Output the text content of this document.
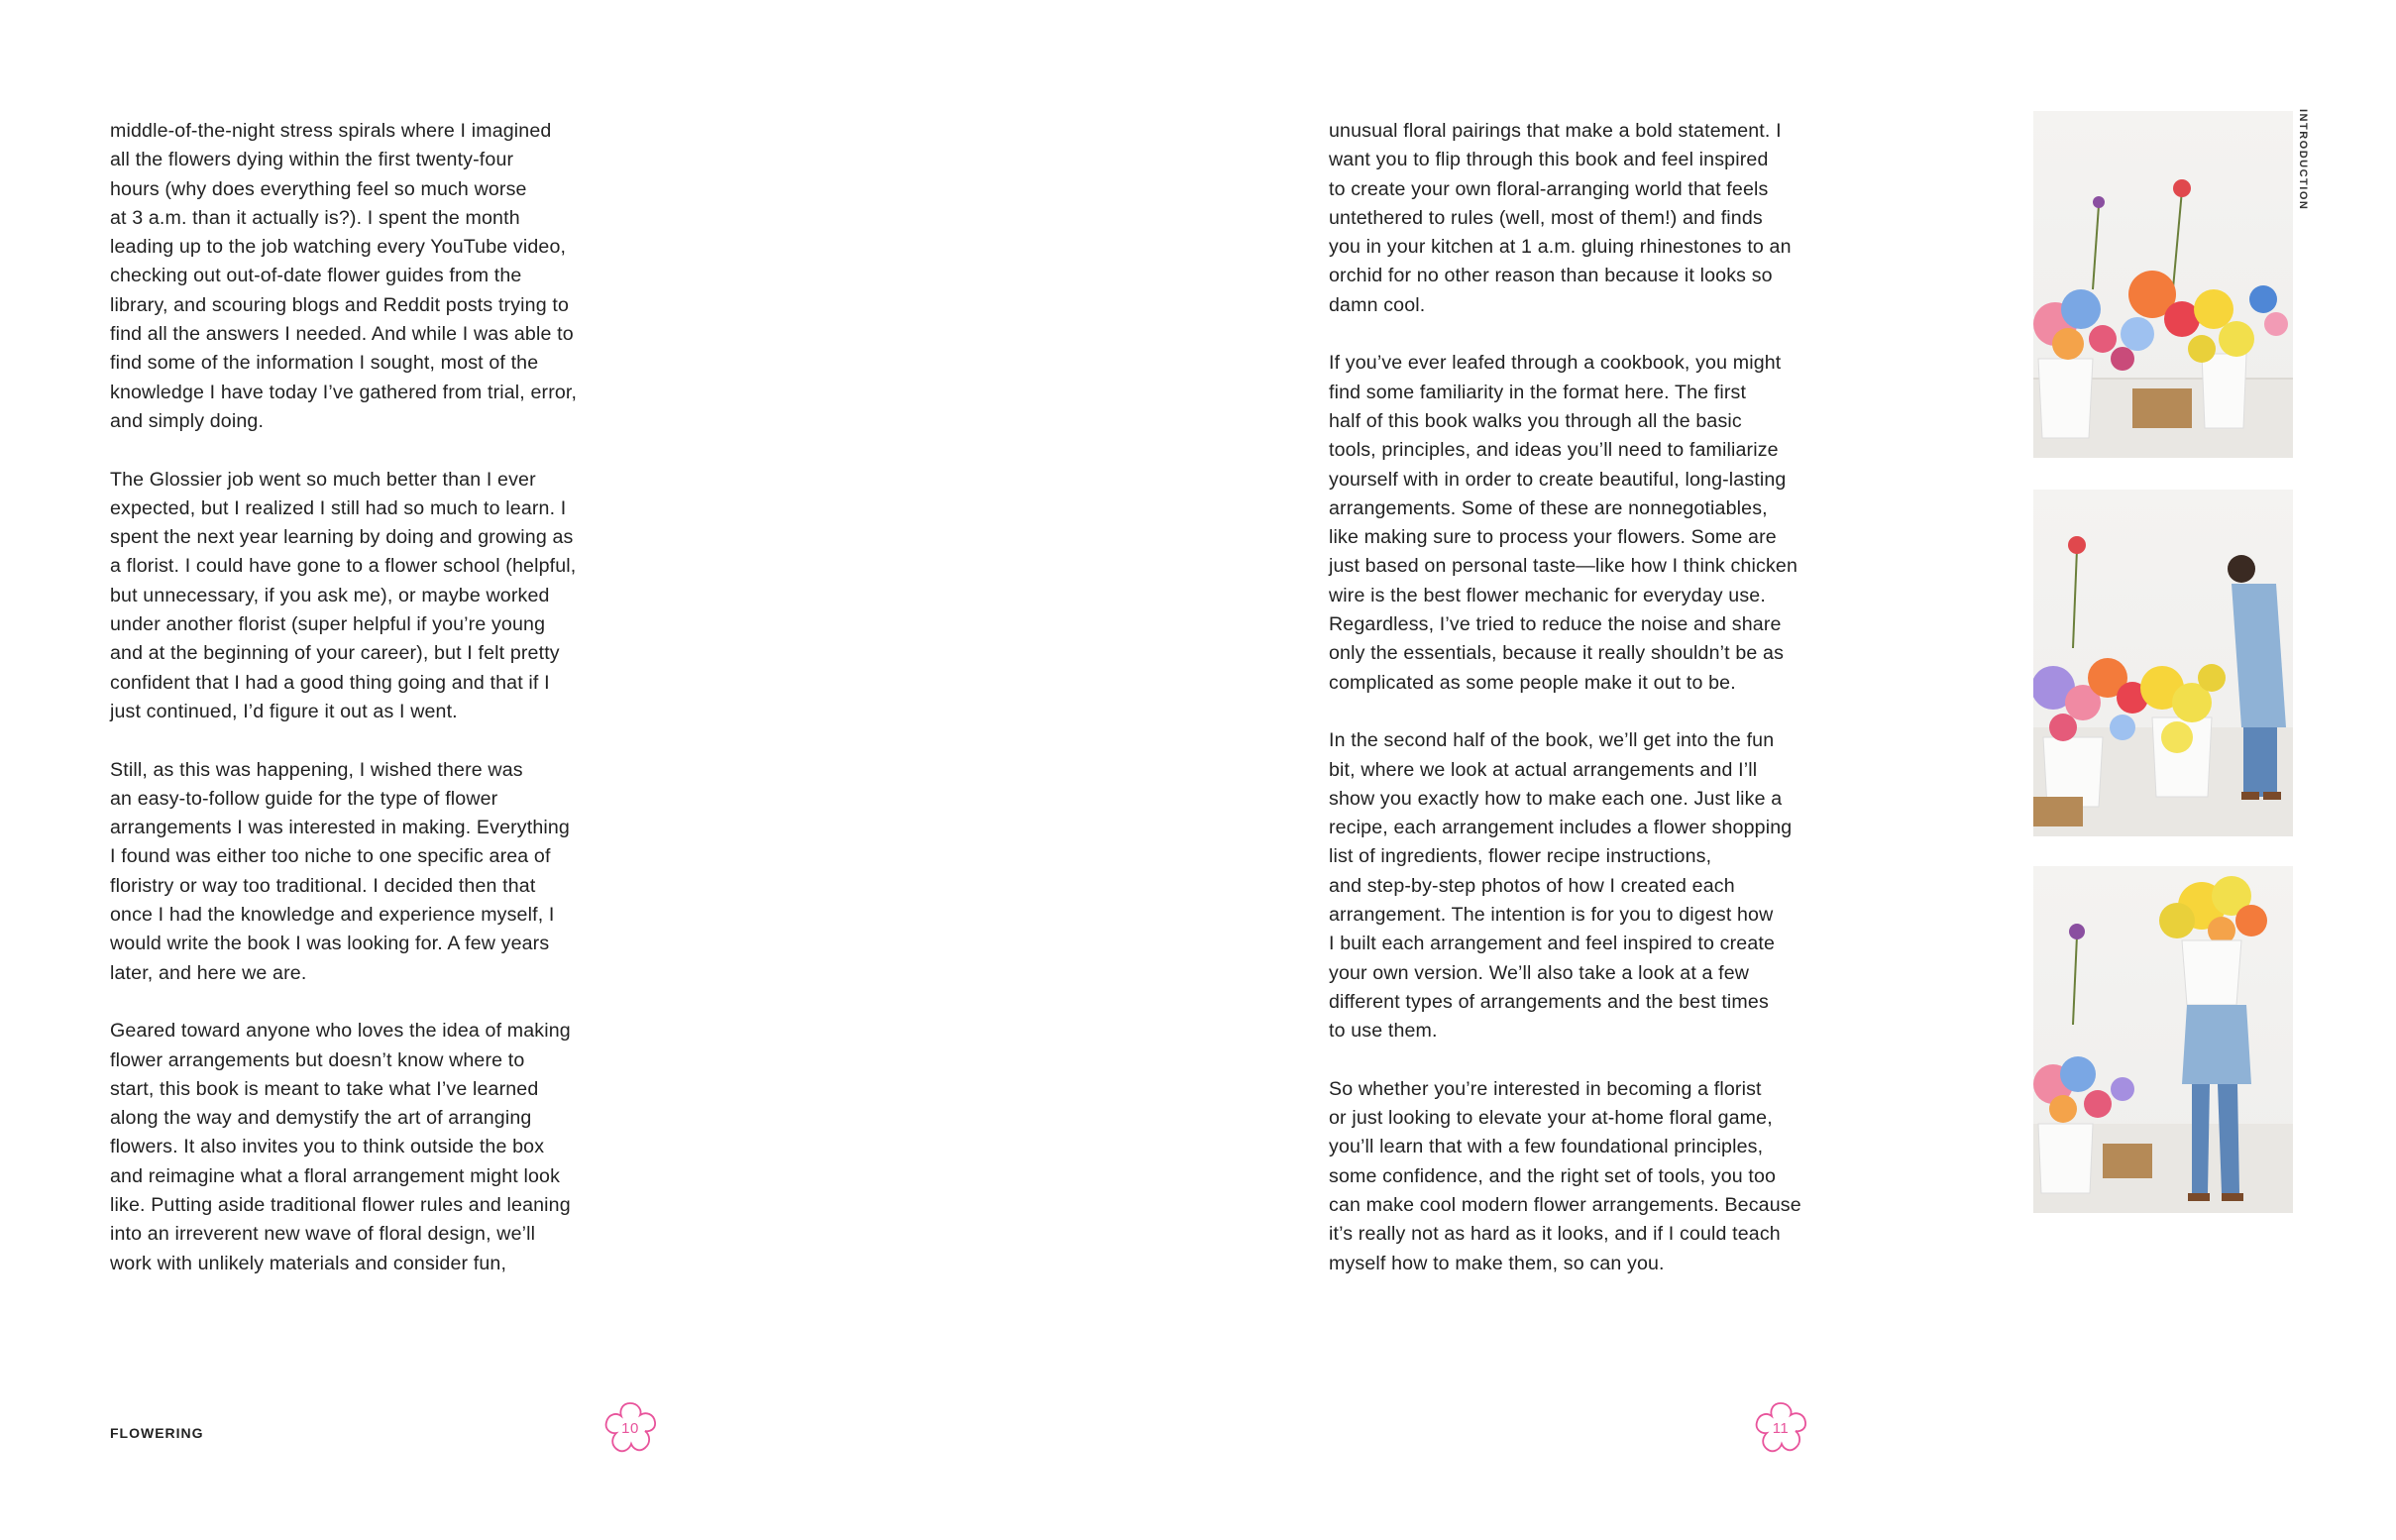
middle-of-the-night stress spirals where I imagined
all the flowers dying within the first twenty-four
hours (why does everything feel so much worse
at 3 a.m. than it actually is?). I spent the month
leading up to the job watching every YouTube video,
checking out out-of-date flower guides from the
library, and scouring blogs and Reddit posts trying to
find all the answers I needed. And while I was able to
find some of the information I sought, most of the
knowledge I have today I’ve gathered from trial, error,
and simply doing.

The Glossier job went so much better than I ever
expected, but I realized I still had so much to learn. I
spent the next year learning by doing and growing as
a florist. I could have gone to a flower school (helpful,
but unnecessary, if you ask me), or maybe worked
under another florist (super helpful if you’re young
and at the beginning of your career), but I felt pretty
confident that I had a good thing going and that if I
just continued, I’d figure it out as I went.

Still, as this was happening, I wished there was
an easy-to-follow guide for the type of flower
arrangements I was interested in making. Everything
I found was either too niche to one specific area of
floristry or way too traditional. I decided then that
once I had the knowledge and experience myself, I
would write the book I was looking for. A few years
later, and here we are.

Geared toward anyone who loves the idea of making
flower arrangements but doesn’t know where to
start, this book is meant to take what I’ve learned
along the way and demystify the art of arranging
flowers. It also invites you to think outside the box
and reimagine what a floral arrangement might look
like. Putting aside traditional flower rules and leaning
into an irreverent new wave of floral design, we’ll
work with unlikely materials and consider fun,

FLOWERING	10

unusual floral pairings that make a bold statement. I
want you to flip through this book and feel inspired
to create your own floral-arranging world that feels
untethered to rules (well, most of them!) and finds
you in your kitchen at 1 a.m. gluing rhinestones to an
orchid for no other reason than because it looks so
damn cool.

If you’ve ever leafed through a cookbook, you might
find some familiarity in the format here. The first
half of this book walks you through all the basic
tools, principles, and ideas you’ll need to familiarize
yourself with in order to create beautiful, long-lasting
arrangements. Some of these are nonnegotiables,
like making sure to process your flowers. Some are
just based on personal taste—like how I think chicken
wire is the best flower mechanic for everyday use.
Regardless, I’ve tried to reduce the noise and share
only the essentials, because it really shouldn’t be as
complicated as some people make it out to be.

In the second half of the book, we’ll get into the fun
bit, where we look at actual arrangements and I’ll
show you exactly how to make each one. Just like a
recipe, each arrangement includes a flower shopping
list of ingredients, flower recipe instructions,
and step-by-step photos of how I created each
arrangement. The intention is for you to digest how
I built each arrangement and feel inspired to create
your own version. We’ll also take a look at a few
different types of arrangements and the best times
to use them.

So whether you’re interested in becoming a florist
or just looking to elevate your at-home floral game,
you’ll learn that with a few foundational principles,
some confidence, and the right set of tools, you too
can make cool modern flower arrangements. Because
it’s really not as hard as it looks, and if I could teach
myself how to make them, so can you.

11
INTRODUCTION
